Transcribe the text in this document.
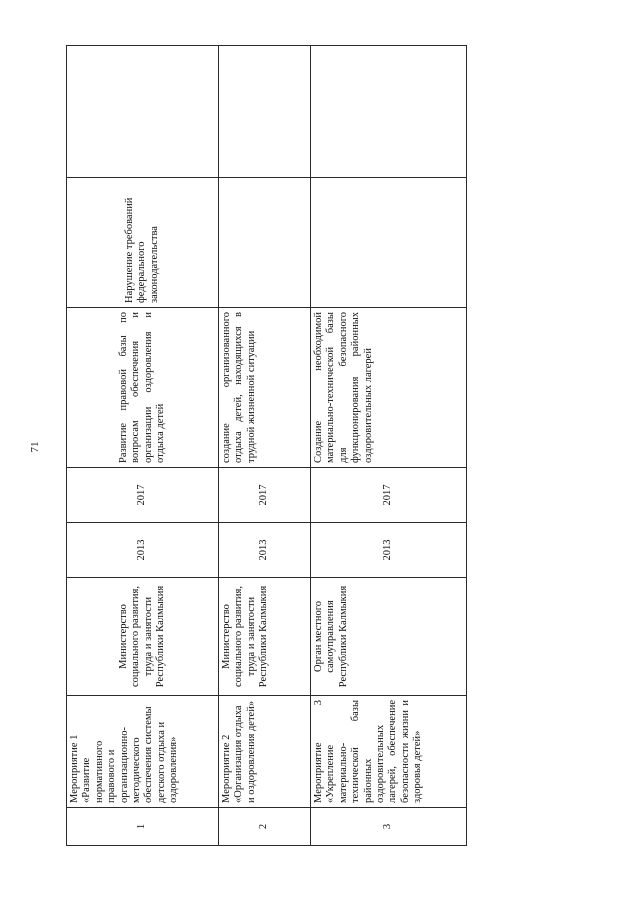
71
1	Мероприятие 1 «Развитие нормативного правового и организационно-методического обеспечения системы детского отдыха и оздоровления»	Министерство социального развития, труда и занятости Республики Калмыкия	2013	2017	Развитие правовой базы по вопросам обеспечения и организации оздоровления и отдыха детей	Нарушение требований федерального законодательства	
2	Мероприятие 2 «Организация отдыха и оздоровления детей»	Министерство социального развития, труда и занятости Республики Калмыкия	2013	2017	создание организованного отдыха детей, находящихся в трудной жизненной ситуации		
3	Мероприятие 3 «Укрепление материально-технической базы районных оздоровительных лагерей, обеспечение безопасности жизни и здоровья детей»	Орган местного самоуправления Республики Калмыкия	2013	2017	Создание необходимой материально-технической базы для безопасного функционирования районных оздоровительных лагерей		
